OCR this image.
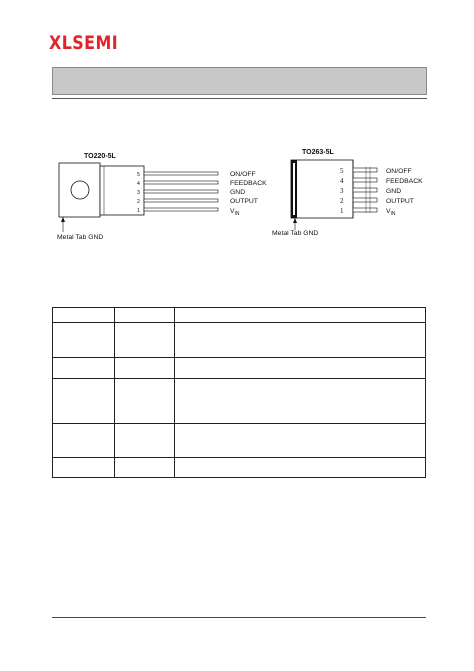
XLSEMI
TO220-5L
5
4
3
2
1
ON/OFF
FEEDBACK
GND
OUTPUT
$V_{IN}$
Metal Tab GND
TO263-5L
5
4
3
2
1
ON/OFF
FEEDBACK
GND
OUTPUT
$V_{IN}$
Metal Tab GND
